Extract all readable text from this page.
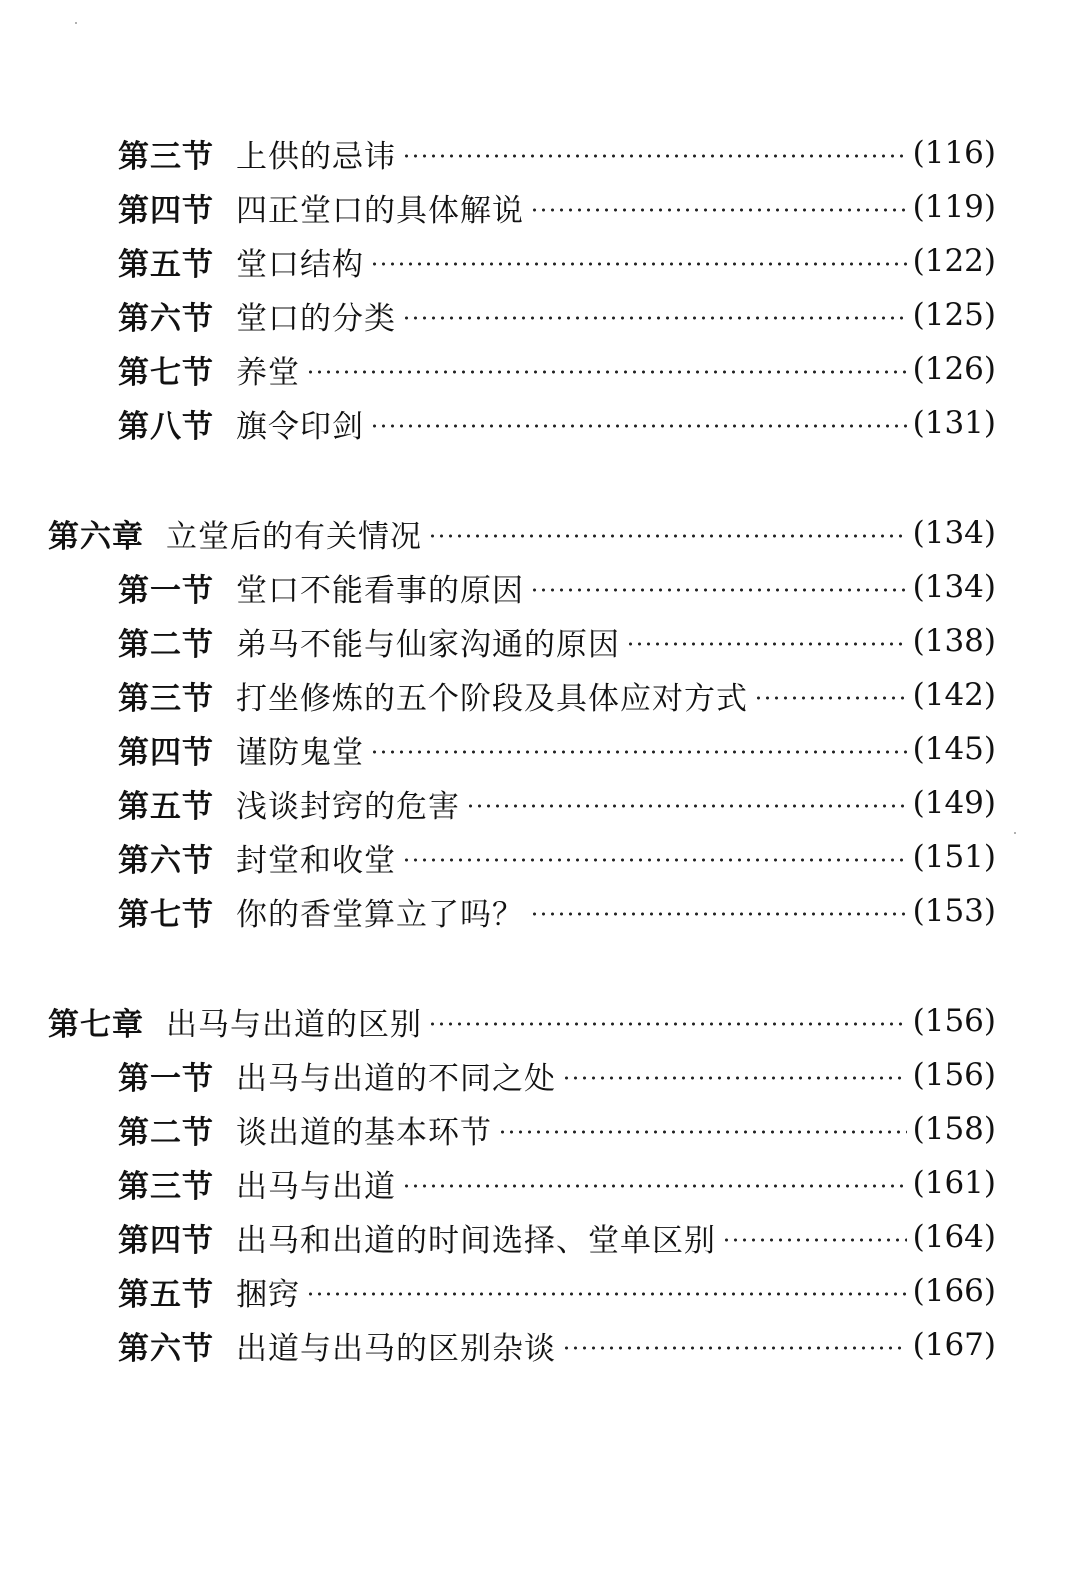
第三节 上供的忌讳	(116)
第四节 四正堂口的具体解说	(119)
第五节 堂口结构	(122)
第六节 堂口的分类	(125)
第七节 养堂	(126)
第八节 旗令印剑	(131)
第六章 立堂后的有关情况	(134)
第一节 堂口不能看事的原因	(134)
第二节 弟马不能与仙家沟通的原因	(138)
第三节 打坐修炼的五个阶段及具体应对方式	(142)
第四节 谨防鬼堂	(145)
第五节 浅谈封窍的危害	(149)
第六节 封堂和收堂	(151)
第七节 你的香堂算立了吗？	(153)
第七章 出马与出道的区别	(156)
第一节 出马与出道的不同之处	(156)
第二节 谈出道的基本环节	(158)
第三节 出马与出道	(161)
第四节 出马和出道的时间选择、堂单区别	(164)
第五节 捆窍	(166)
第六节 出道与出马的区别杂谈	(167)
